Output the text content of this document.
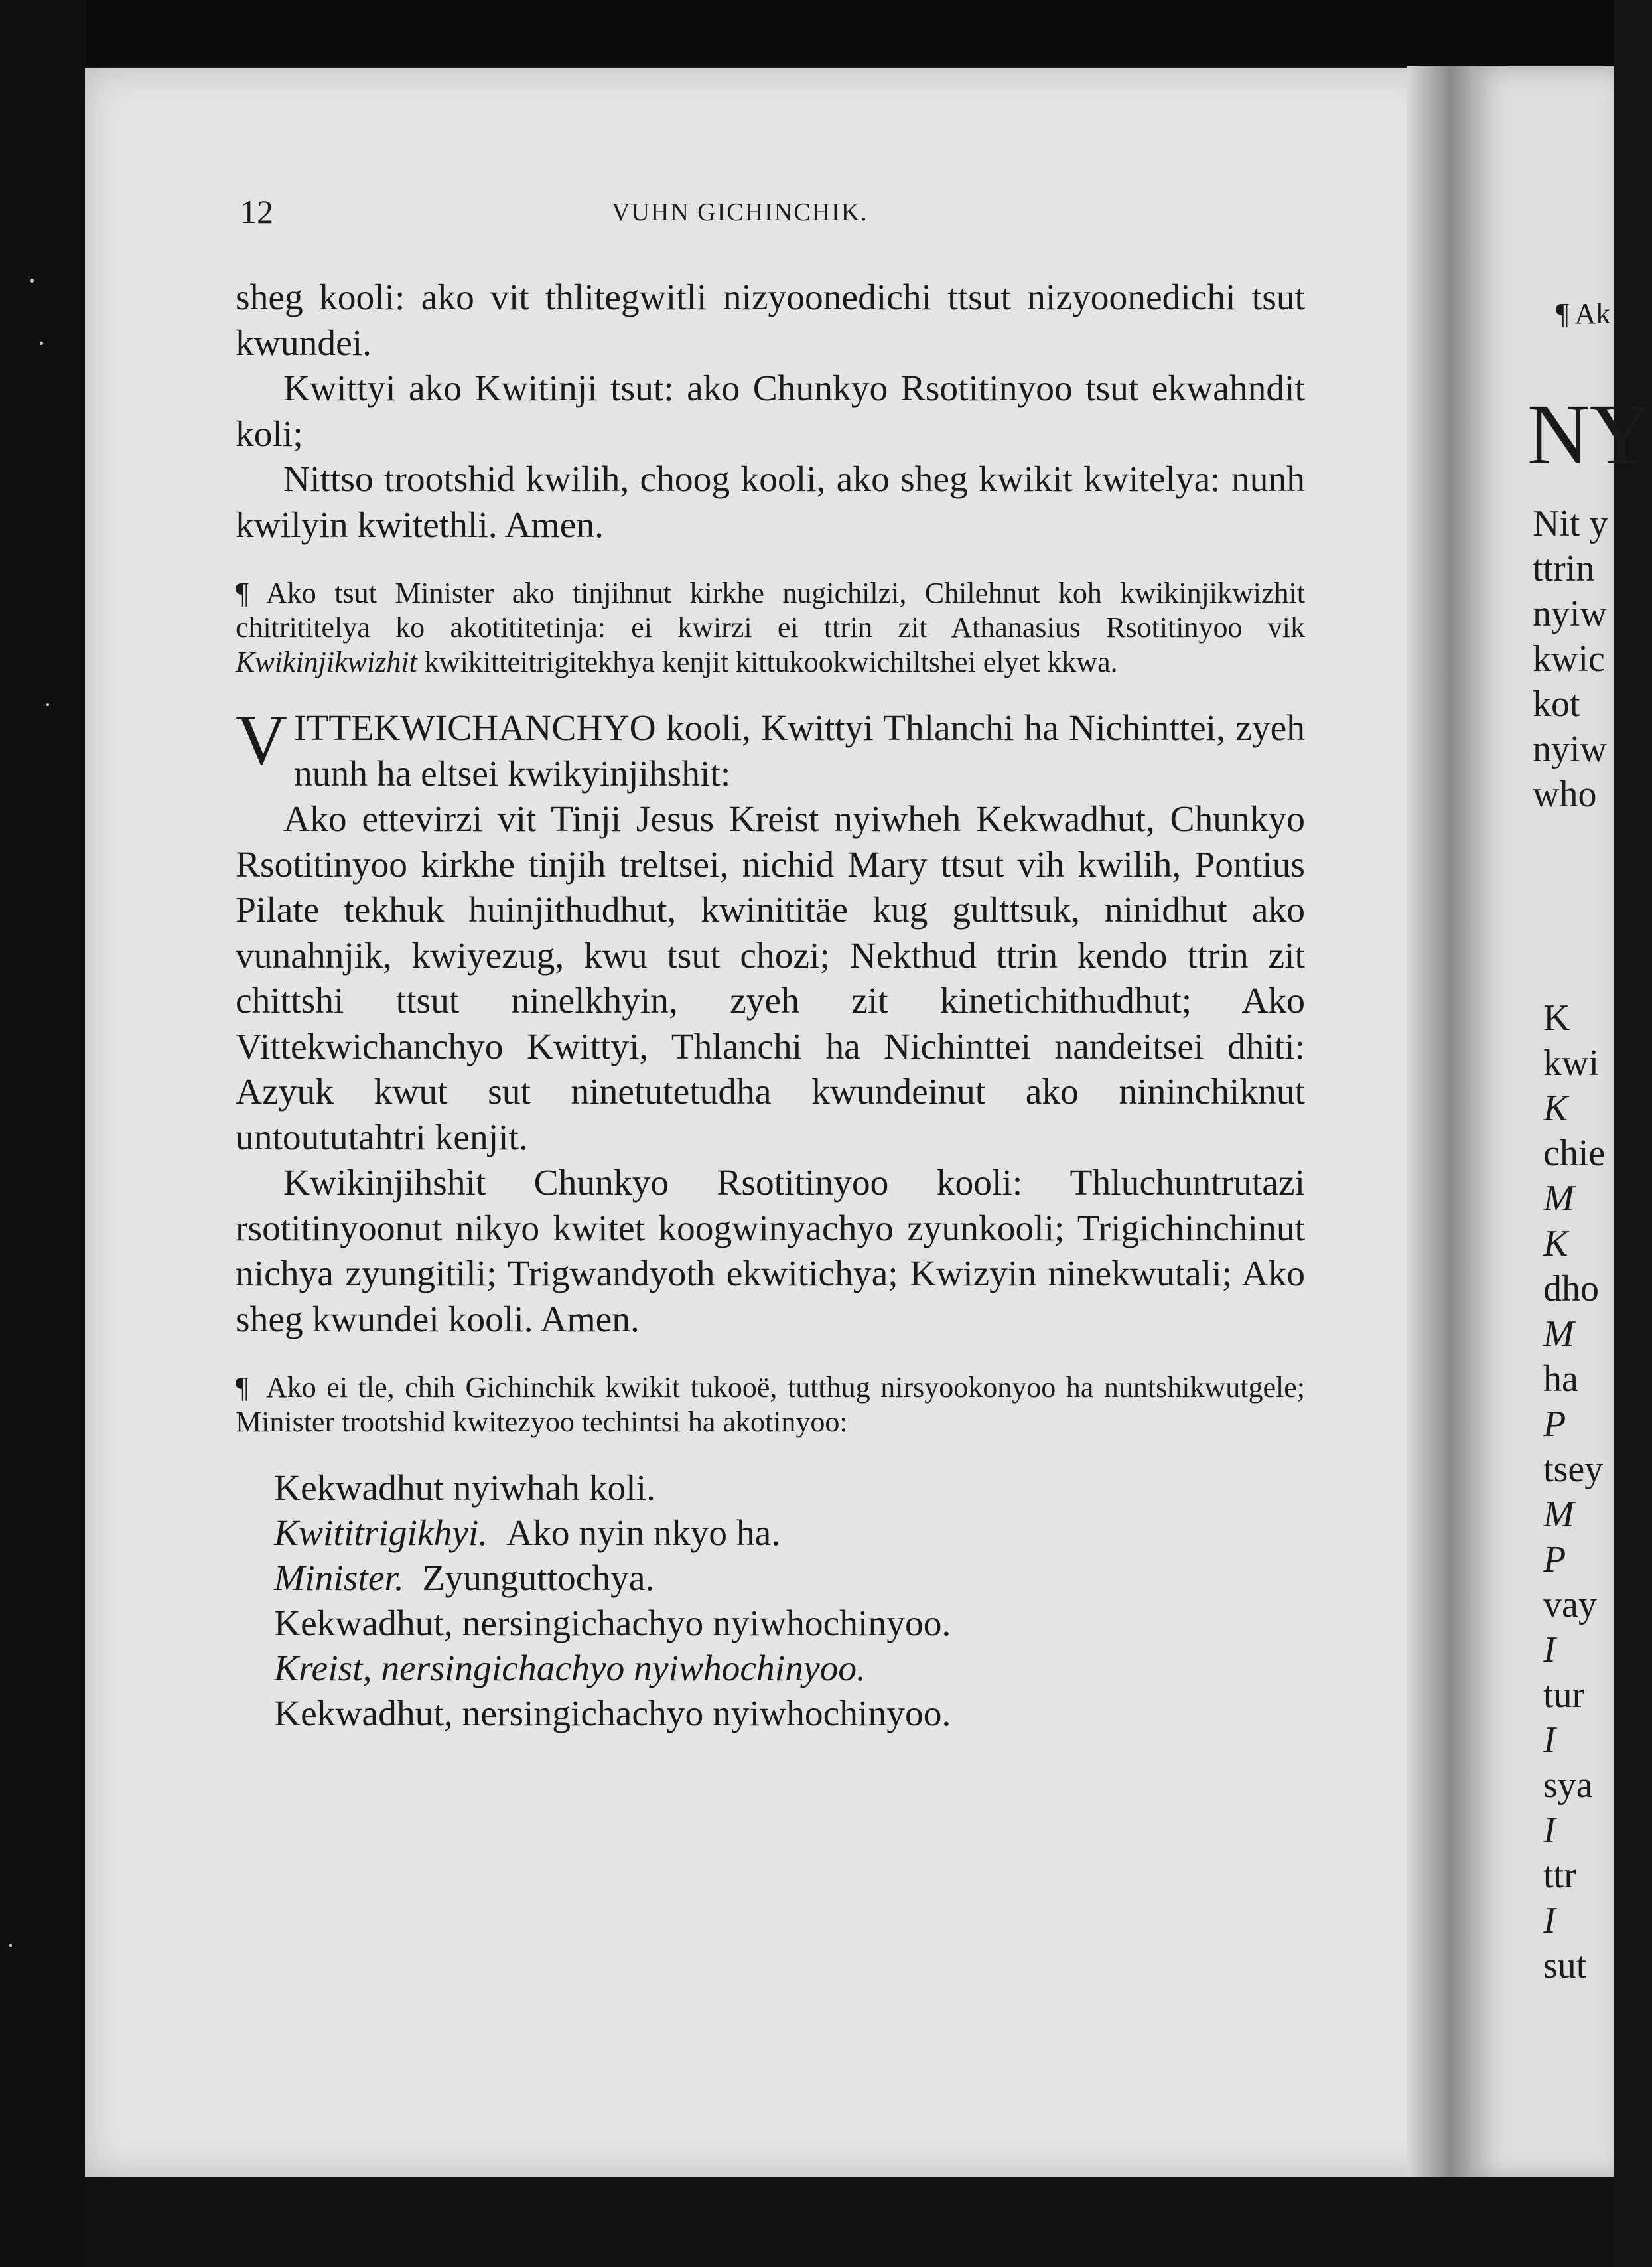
12	VUHN GICHINCHIK.

sheg kooli: ako vit thlitegwitli nizyoonedichi ttsut nizyoonedichi tsut kwundei.

Kwittyi ako Kwitinji tsut: ako Chunkyo Rsotitinyoo tsut ekwahndit koli;

Nittso trootshid kwilih, choog kooli, ako sheg kwikit kwitelya: nunh kwilyin kwitethli. Amen.

¶ Ako tsut Minister ako tinjihnut kirkhe nugichilzi, Chilehnut koh kwikinjikwizhit chitrititelya ko akotititetinja: ei kwirzi ei ttrin zit Athanasius Rsotitinyoo vik Kwikinjikwizhit kwikitteitrigitekhya kenjit kittukookwichiltshei elyet kkwa.

VITTEKWICHANCHYO kooli, Kwittyi Thlanchi ha Nichinttei, zyeh nunh ha eltsei kwikyinjihshit:

Ako ettevirzi vit Tinji Jesus Kreist nyiwheh Kekwadhut, Chunkyo Rsotitinyoo kirkhe tinjih treltsei, nichid Mary ttsut vih kwilih, Pontius Pilate tekhuk huinjithudhut, kwinititäe kug gulttsuk, ninidhut ako vunahnjik, kwiyezug, kwu tsut chozi; Nekthud ttrin kendo ttrin zit chittshi ttsut ninelkhyin, zyeh zit kinetichithudhut; Ako Vittekwichanchyo Kwittyi, Thlanchi ha Nichinttei nandeitsei dhiti: Azyuk kwut sut ninetutetudha kwundeinut ako nininchiknut untoututahtri kenjit.

Kwikinjihshit Chunkyo Rsotitinyoo kooli: Thluchuntrutazi rsotitinyoonut nikyo kwitet koogwinyachyo zyunkooli; Trigichinchinut nichya zyungitili; Trigwandyoth ekwitichya; Kwizyin ninekwutali; Ako sheg kwundei kooli. Amen.

¶ Ako ei tle, chih Gichinchik kwikit tukooë, tutthug nirsyookonyoo ha nuntshikwutgele; Minister trootshid kwitezyoo techintsi ha akotinyoo:

Kekwadhut nyiwhah koli.
Kwititrigikhyi. Ako nyin nkyo ha.
Minister. Zyunguttochya.
Kekwadhut, nersingichachyo nyiwhochinyoo.
Kreist, nersingichachyo nyiwhochinyoo.
Kekwadhut, nersingichachyo nyiwhochinyoo.
¶ Ak
NY
Nit y
ttrin
nyiw
kwic
kot
nyiw
who
K
kwi
K
chie
M
K
dho
M
ha
P
tsey
M
P
vay
I
tur
I
sya
I
ttr
I
sut
